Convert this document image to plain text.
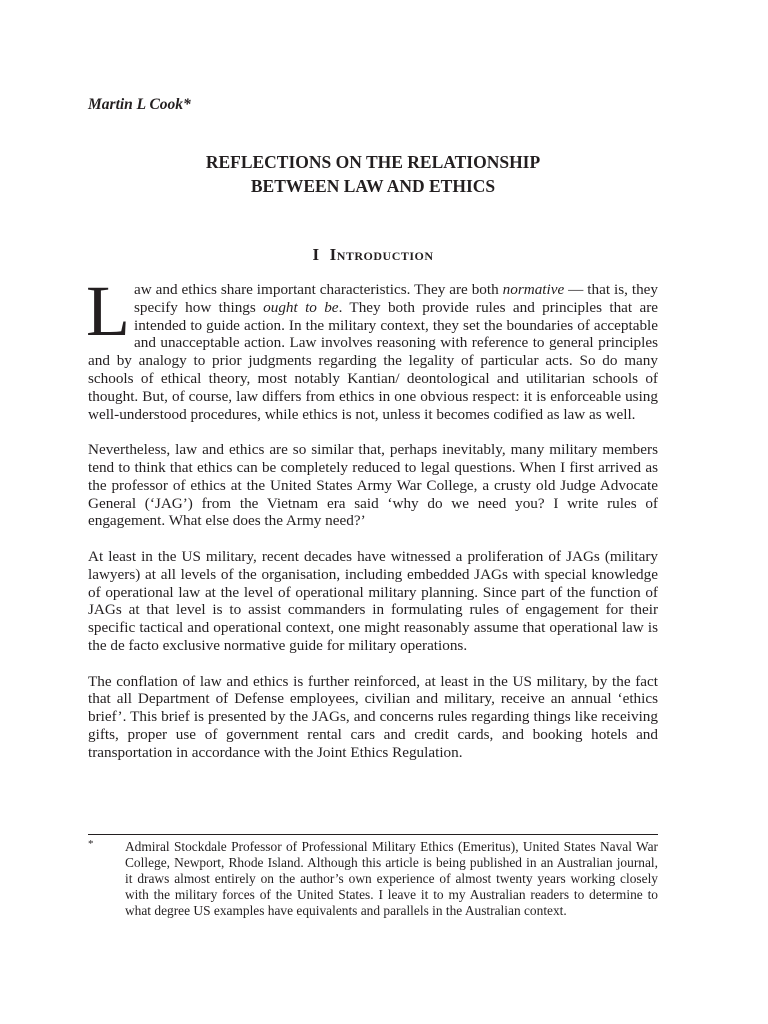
Martin L Cook*

REFLECTIONS ON THE RELATIONSHIP
BETWEEN LAW AND ETHICS
I Introduction

Law and ethics share important characteristics. They are both normative — that is, they specify how things ought to be. They both provide rules and principles that are intended to guide action. In the military context, they set the boundaries of acceptable and unacceptable action. Law involves reasoning with reference to general principles and by analogy to prior judgments regarding the legality of particular acts. So do many schools of ethical theory, most notably Kantian/ deontological and utilitarian schools of thought. But, of course, law differs from ethics in one obvious respect: it is enforceable using well-understood procedures, while ethics is not, unless it becomes codified as law as well.

Nevertheless, law and ethics are so similar that, perhaps inevitably, many military members tend to think that ethics can be completely reduced to legal questions. When I first arrived as the professor of ethics at the United States Army War College, a crusty old Judge Advocate General (‘JAG’) from the Vietnam era said ‘why do we need you? I write rules of engagement. What else does the Army need?’

At least in the US military, recent decades have witnessed a proliferation of JAGs (military lawyers) at all levels of the organisation, including embedded JAGs with special knowledge of operational law at the level of operational military planning. Since part of the function of JAGs at that level is to assist commanders in formulating rules of engagement for their specific tactical and operational context, one might reasonably assume that operational law is the de facto exclusive normative guide for military operations.

The conflation of law and ethics is further reinforced, at least in the US military, by the fact that all Department of Defense employees, civilian and military, receive an annual ‘ethics brief’. This brief is presented by the JAGs, and concerns rules regarding things like receiving gifts, proper use of government rental cars and credit cards, and booking hotels and transportation in accordance with the Joint Ethics Regulation.

* Admiral Stockdale Professor of Professional Military Ethics (Emeritus), United States Naval War College, Newport, Rhode Island. Although this article is being published in an Australian journal, it draws almost entirely on the author’s own experience of almost twenty years working closely with the military forces of the United States. I leave it to my Australian readers to determine to what degree US examples have equivalents and parallels in the Australian context.
